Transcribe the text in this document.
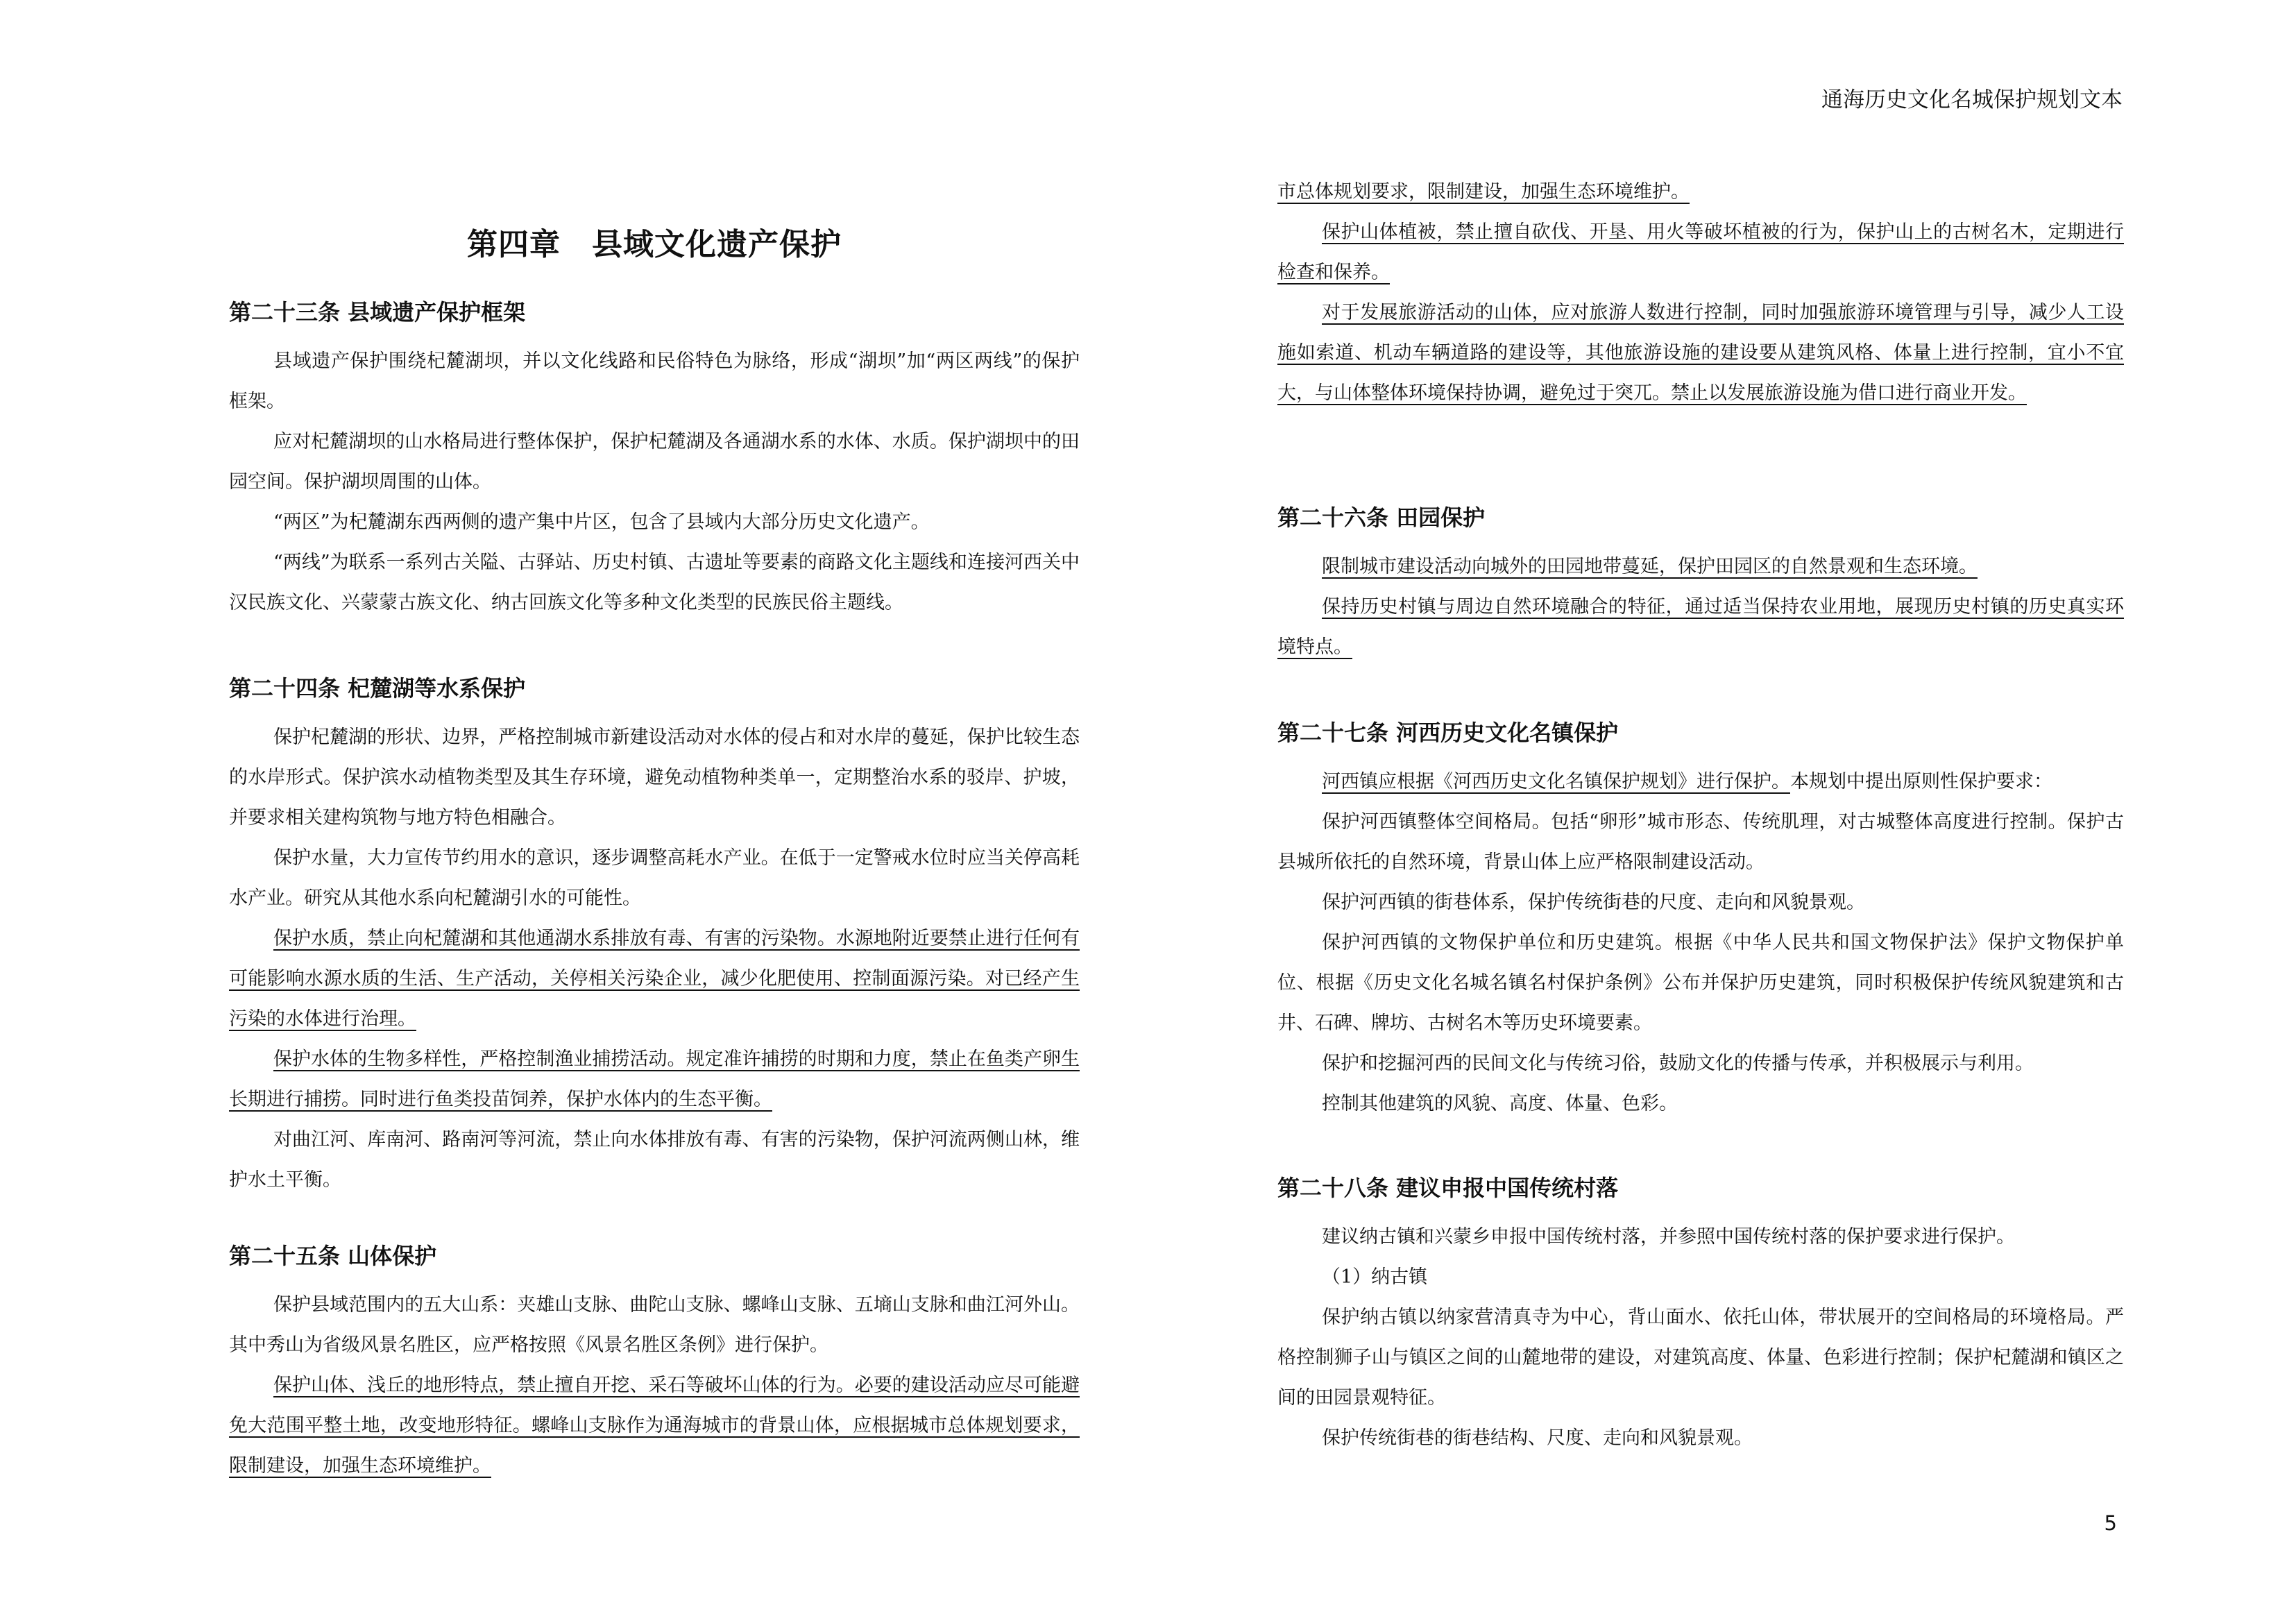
通海历史文化名城保护规划文本
第四章　县域文化遗产保护
第二十三条 县域遗产保护框架

县域遗产保护围绕杞麓湖坝，并以文化线路和民俗特色为脉络，形成“湖坝”加“两区两线”的保护框架。

应对杞麓湖坝的山水格局进行整体保护，保护杞麓湖及各通湖水系的水体、水质。保护湖坝中的田园空间。保护湖坝周围的山体。

“两区”为杞麓湖东西两侧的遗产集中片区，包含了县域内大部分历史文化遗产。

“两线”为联系一系列古关隘、古驿站、历史村镇、古遗址等要素的商路文化主题线和连接河西关中汉民族文化、兴蒙蒙古族文化、纳古回族文化等多种文化类型的民族民俗主题线。

第二十四条 杞麓湖等水系保护

保护杞麓湖的形状、边界，严格控制城市新建设活动对水体的侵占和对水岸的蔓延，保护比较生态的水岸形式。保护滨水动植物类型及其生存环境，避免动植物种类单一，定期整治水系的驳岸、护坡，并要求相关建构筑物与地方特色相融合。

保护水量，大力宣传节约用水的意识，逐步调整高耗水产业。在低于一定警戒水位时应当关停高耗水产业。研究从其他水系向杞麓湖引水的可能性。

保护水质，禁止向杞麓湖和其他通湖水系排放有毒、有害的污染物。水源地附近要禁止进行任何有可能影响水源水质的生活、生产活动，关停相关污染企业，减少化肥使用、控制面源污染。对已经产生污染的水体进行治理。

保护水体的生物多样性，严格控制渔业捕捞活动。规定准许捕捞的时期和力度，禁止在鱼类产卵生长期进行捕捞。同时进行鱼类投苗饲养，保护水体内的生态平衡。

对曲江河、库南河、路南河等河流，禁止向水体排放有毒、有害的污染物，保护河流两侧山林，维护水土平衡。

第二十五条 山体保护

保护县域范围内的五大山系：夹雄山支脉、曲陀山支脉、螺峰山支脉、五墒山支脉和曲江河外山。其中秀山为省级风景名胜区，应严格按照《风景名胜区条例》进行保护。

保护山体、浅丘的地形特点，禁止擅自开挖、采石等破坏山体的行为。必要的建设活动应尽可能避免大范围平整土地，改变地形特征。螺峰山支脉作为通海城市的背景山体，应根据城市总体规划要求，限制建设，加强生态环境维护。

市总体规划要求，限制建设，加强生态环境维护。

保护山体植被，禁止擅自砍伐、开垦、用火等破坏植被的行为，保护山上的古树名木，定期进行检查和保养。

对于发展旅游活动的山体，应对旅游人数进行控制，同时加强旅游环境管理与引导，减少人工设施如索道、机动车辆道路的建设等，其他旅游设施的建设要从建筑风格、体量上进行控制，宜小不宜大，与山体整体环境保持协调，避免过于突兀。禁止以发展旅游设施为借口进行商业开发。

第二十六条 田园保护

限制城市建设活动向城外的田园地带蔓延，保护田园区的自然景观和生态环境。

保持历史村镇与周边自然环境融合的特征，通过适当保持农业用地，展现历史村镇的历史真实环境特点。

第二十七条 河西历史文化名镇保护

河西镇应根据《河西历史文化名镇保护规划》进行保护。本规划中提出原则性保护要求：

保护河西镇整体空间格局。包括“卵形”城市形态、传统肌理，对古城整体高度进行控制。保护古县城所依托的自然环境，背景山体上应严格限制建设活动。

保护河西镇的街巷体系，保护传统街巷的尺度、走向和风貌景观。

保护河西镇的文物保护单位和历史建筑。根据《中华人民共和国文物保护法》保护文物保护单位、根据《历史文化名城名镇名村保护条例》公布并保护历史建筑，同时积极保护传统风貌建筑和古井、石碑、牌坊、古树名木等历史环境要素。

保护和挖掘河西的民间文化与传统习俗，鼓励文化的传播与传承，并积极展示与利用。

控制其他建筑的风貌、高度、体量、色彩。

第二十八条 建议申报中国传统村落

建议纳古镇和兴蒙乡申报中国传统村落，并参照中国传统村落的保护要求进行保护。

（1）纳古镇

保护纳古镇以纳家营清真寺为中心，背山面水、依托山体，带状展开的空间格局的环境格局。严格控制狮子山与镇区之间的山麓地带的建设，对建筑高度、体量、色彩进行控制；保护杞麓湖和镇区之间的田园景观特征。

保护传统街巷的街巷结构、尺度、走向和风貌景观。

5
